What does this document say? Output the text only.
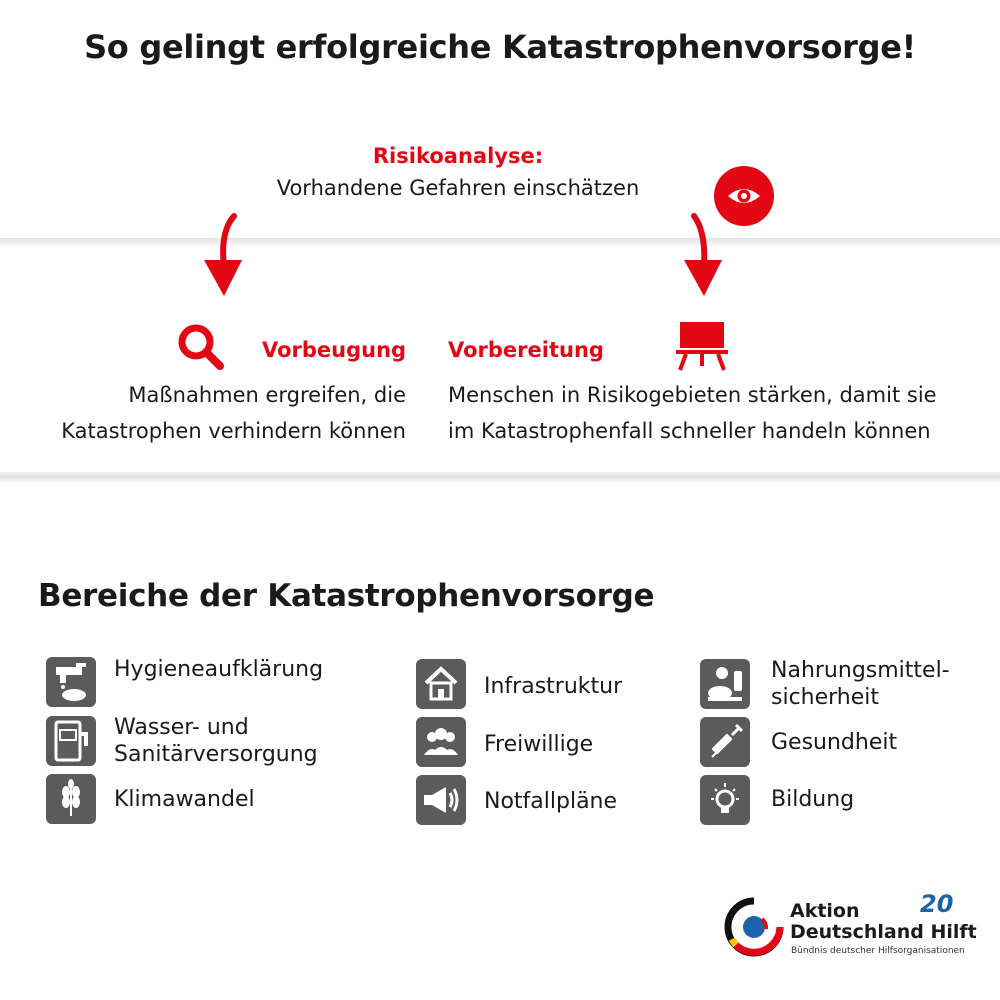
So gelingt erfolgreiche Katastrophenvorsorge!
Risikoanalyse:
Vorhandene Gefahren einschätzen
Vorbeugung
Maßnahmen ergreifen, die
Katastrophen verhindern können
Vorbereitung
Menschen in Risikogebieten stärken, damit sie
im Katastrophenfall schneller handeln können
Bereiche der Katastrophenvorsorge
Hygieneaufklärung
Wasser- und
Sanitärversorgung
Klimawandel
Infrastruktur
Freiwillige
Notfallpläne
Nahrungsmittel-
sicherheit
Gesundheit
Bildung
Aktion
Deutschland Hilft
Bündnis deutscher Hilfsorganisationen
20
